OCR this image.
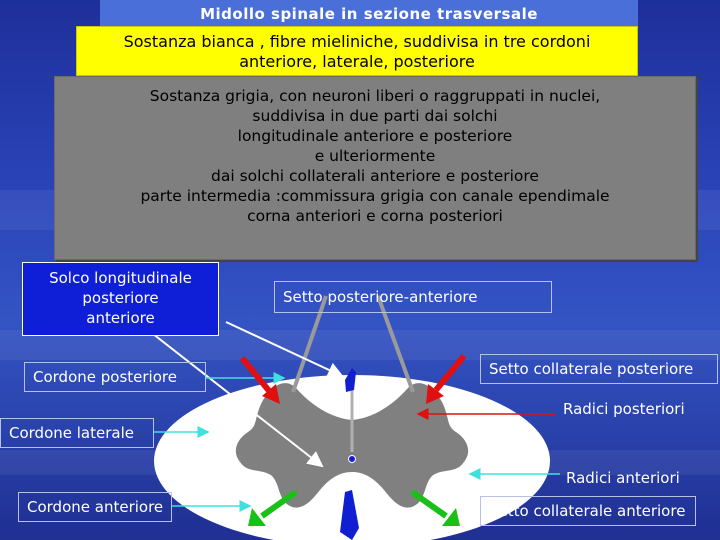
Midollo spinale in sezione trasversale
Sostanza bianca , fibre mieliniche, suddivisa in tre cordoni
anteriore, laterale, posteriore
Sostanza grigia, con neuroni liberi o raggruppati in nuclei,
suddivisa in due parti dai solchi
longitudinale anteriore e posteriore
e ulteriormente
dai solchi collaterali anteriore e posteriore
parte intermedia :commissura grigia con canale ependimale
corna anteriori e corna posteriori
Solco longitudinale
posteriore
anteriore
Setto posteriore-anteriore
Cordone posteriore	Setto collaterale posteriore
Radici posteriori
Cordone laterale
Radici anteriori
Cordone anteriore	Setto collaterale anteriore
